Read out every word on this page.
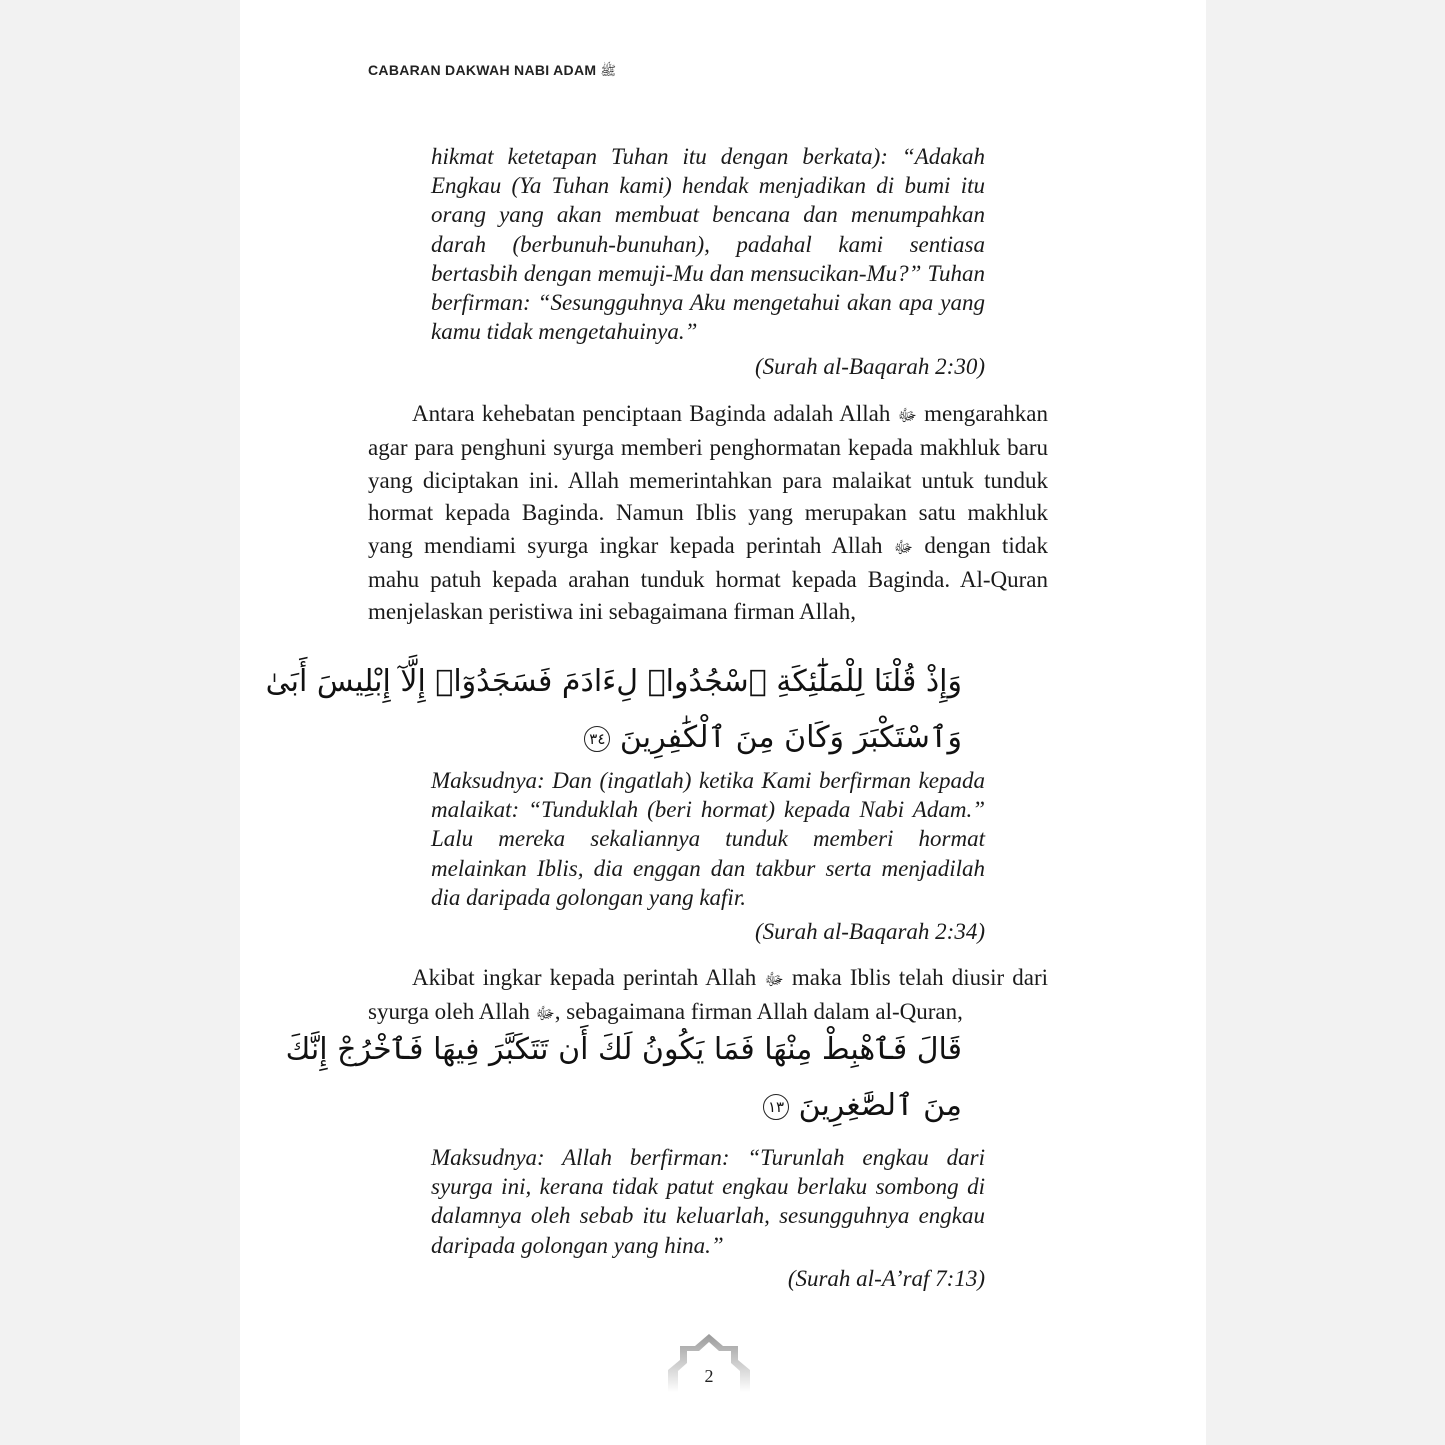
CABARAN DAKWAH NABI ADAM ﷺ
hikmat ketetapan Tuhan itu dengan berkata): “Adakah Engkau (Ya Tuhan kami) hendak menjadikan di bumi itu orang yang akan membuat bencana dan menumpahkan darah (berbunuh-bunuhan), padahal kami sentiasa bertasbih dengan memuji-Mu dan mensucikan-Mu?” Tuhan berfirman: “Sesungguhnya Aku mengetahui akan apa yang kamu tidak mengetahuinya.”
(Surah al-Baqarah 2:30)
Antara kehebatan penciptaan Baginda adalah Allah ﷻ mengarahkan agar para penghuni syurga memberi penghormatan kepada makhluk baru yang diciptakan ini. Allah memerintahkan para malaikat untuk tunduk hormat kepada Baginda. Namun Iblis yang merupakan satu makhluk yang mendiami syurga ingkar kepada perintah Allah ﷻ dengan tidak mahu patuh kepada arahan tunduk hormat kepada Baginda. Al-Quran menjelaskan peristiwa ini sebagaimana firman Allah,
وَإِذْ قُلْنَا لِلْمَلَٰٓئِكَةِ ٱسْجُدُوا۟ لِءَادَمَ فَسَجَدُوٓا۟ إِلَّآ إِبْلِيسَ أَبَىٰ
وَٱسْتَكْبَرَ وَكَانَ مِنَ ٱلْكَٰفِرِينَ ٣٤
Maksudnya: Dan (ingatlah) ketika Kami berfirman kepada malaikat: “Tunduklah (beri hormat) kepada Nabi Adam.” Lalu mereka sekaliannya tunduk memberi hormat melainkan Iblis, dia enggan dan takbur serta menjadilah dia daripada golongan yang kafir.
(Surah al-Baqarah 2:34)
Akibat ingkar kepada perintah Allah ﷻ maka Iblis telah diusir dari syurga oleh Allah ﷻ, sebagaimana firman Allah dalam al-Quran,
قَالَ فَٱهْبِطْ مِنْهَا فَمَا يَكُونُ لَكَ أَن تَتَكَبَّرَ فِيهَا فَٱخْرُجْ إِنَّكَ
مِنَ ٱلصَّٰغِرِينَ ١٣
Maksudnya: Allah berfirman: “Turunlah engkau dari syurga ini, kerana tidak patut engkau berlaku sombong di dalamnya oleh sebab itu keluarlah, sesungguhnya engkau daripada golongan yang hina.”
(Surah al-A’raf 7:13)
2
